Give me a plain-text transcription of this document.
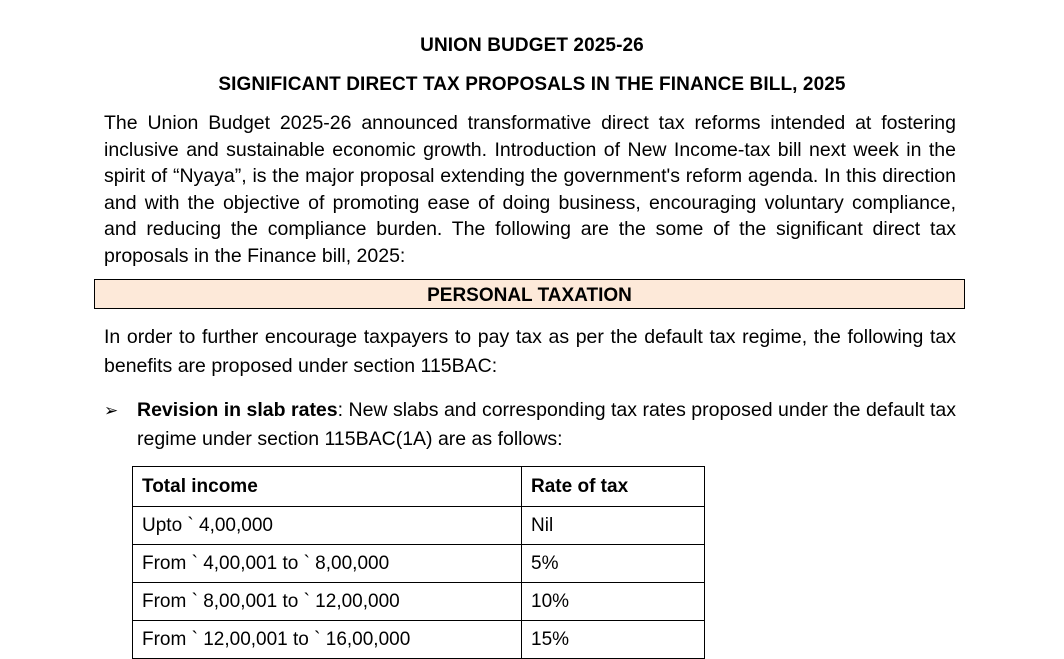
UNION BUDGET 2025-26
SIGNIFICANT DIRECT TAX PROPOSALS IN THE FINANCE BILL, 2025
The Union Budget 2025-26 announced transformative direct tax reforms intended at fostering inclusive and sustainable economic growth. Introduction of New Income-tax bill next week in the spirit of “Nyaya”, is the major proposal extending the government's reform agenda. In this direction and with the objective of promoting ease of doing business, encouraging voluntary compliance, and reducing the compliance burden. The following are the some of the significant direct tax proposals in the Finance bill, 2025:
PERSONAL TAXATION
In order to further encourage taxpayers to pay tax as per the default tax regime, the following tax benefits are proposed under section 115BAC:
➢ Revision in slab rates: New slabs and corresponding tax rates proposed under the default tax regime under section 115BAC(1A) are as follows:
Total income	Rate of tax
Upto ` 4,00,000	Nil
From ` 4,00,001 to ` 8,00,000	5%
From ` 8,00,001 to ` 12,00,000	10%
From ` 12,00,001 to ` 16,00,000	15%
